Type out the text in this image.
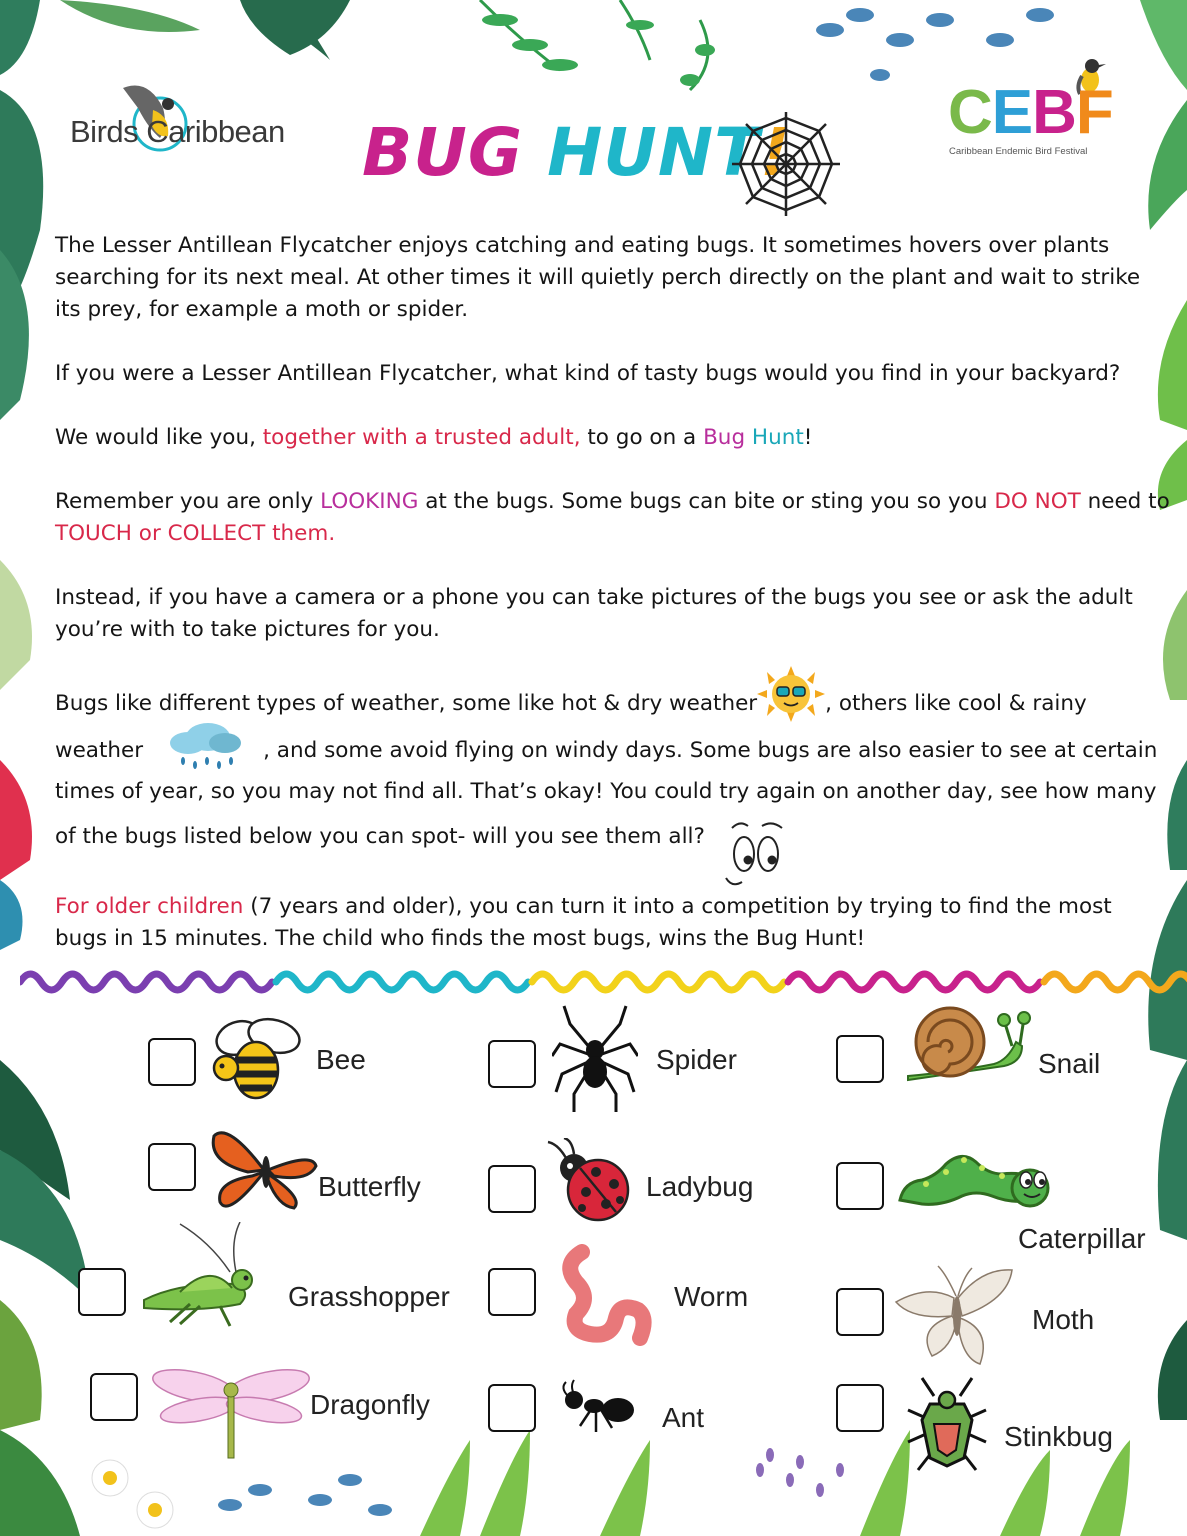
Birds Caribbean BUG HUNT!
CEBF
Caribbean Endemic Bird Festival
The Lesser Antillean Flycatcher enjoys catching and eating bugs. It sometimes hovers over plants searching for its next meal. At other times it will quietly perch directly on the plant and wait to strike its prey, for example a moth or spider.
If you were a Lesser Antillean Flycatcher, what kind of tasty bugs would you find in your backyard?
We would like you, together with a trusted adult, to go on a Bug Hunt!
Remember you are only LOOKING at the bugs. Some bugs can bite or sting you so you DO NOT need to TOUCH or COLLECT them.
Instead, if you have a camera or a phone you can take pictures of the bugs you see or ask the adult you’re with to take pictures for you.
Bugs like different types of weather, some like hot & dry weather	, others like cool & rainy
weather	, and some avoid flying on windy days. Some bugs are also easier to see at certain
times of year, so you may not find all. That’s okay! You could try again on another day, see how many
of the bugs listed below you can spot- will you see them all?
For older children (7 years and older), you can turn it into a competition by trying to find the most bugs in 15 minutes. The child who finds the most bugs, wins the Bug Hunt!
Bee
Butterfly
Grasshopper
Dragonfly
Spider
Ladybug
Worm
Ant
Snail
Caterpillar
Moth
Stinkbug
